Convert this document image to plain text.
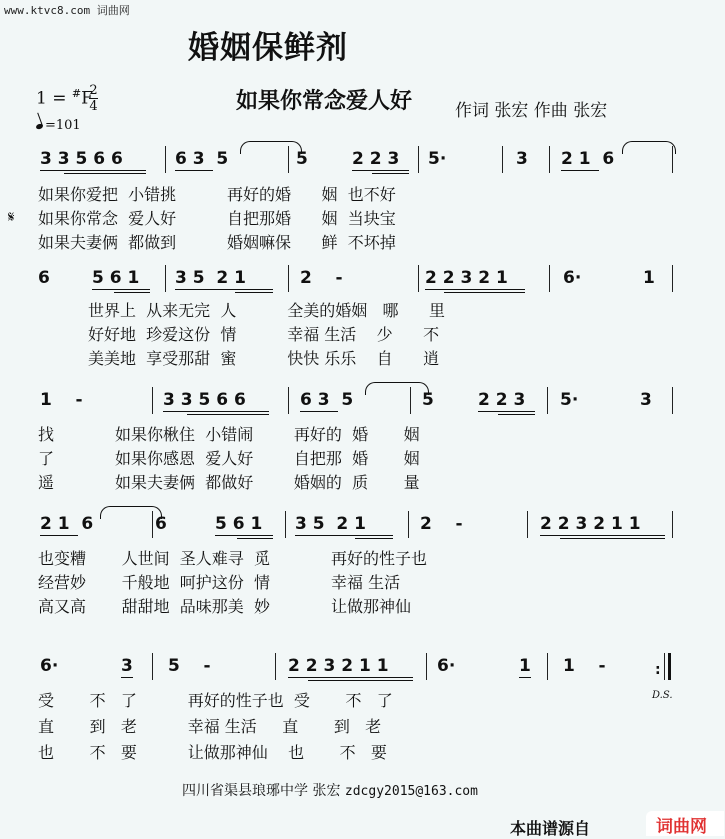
www.ktvc8.com 词曲网
婚姻保鲜剂
如果你常念爱人好	作词 张宏 作曲 张宏
1 = #F
2
4
=101
𝄋
3 3 5 6 6	6 3  5	5	2 2 3 5·	3 2 1  6
如果你爱把  小错挑          再好的婚      姻  也不好
如果你常念  爱人好          自把那婚      姻  当块宝
如果夫妻俩  都做到          婚姻嘛保      鲜  不坏掉
6 5 6 1 3 5  2 1	2    -	2 2 3 2 1	6·	1
世界上  从来无完  人          全美的婚姻   哪      里
好好地  珍爱这份  情          幸福 生活    少      不
美美地  享受那甜  蜜          快快 乐乐    自      逍
1    -	3 3 5 6 6	6 3  5	5	2 2 3 5·	3
找            如果你楸住  小错闹        再好的  婚       姻
了            如果你感恩  爱人好        自把那  婚       姻
遥            如果夫妻俩  都做好        婚姻的  质       量
2 1  6	6	5 6 1 3 5  2 1	2    -	2 2 3 2 1 1
也变糟       人世间  圣人难寻  觅            再好的性子也
经营妙       千般地  呵护这份  情            幸福 生活
高又高       甜甜地  品味那美  妙            让做那神仙
6·	3 5    -	2 2 3 2 1 1	6·	1 1    -	:
D.S.
受       不   了          再好的性子也  受       不   了
直       到   老          幸福 生活     直       到   老
也       不   要          让做那神仙    也       不   要
四川省渠县琅琊中学 张宏 zdcgy2015@163.com
本曲谱源自	词曲网
